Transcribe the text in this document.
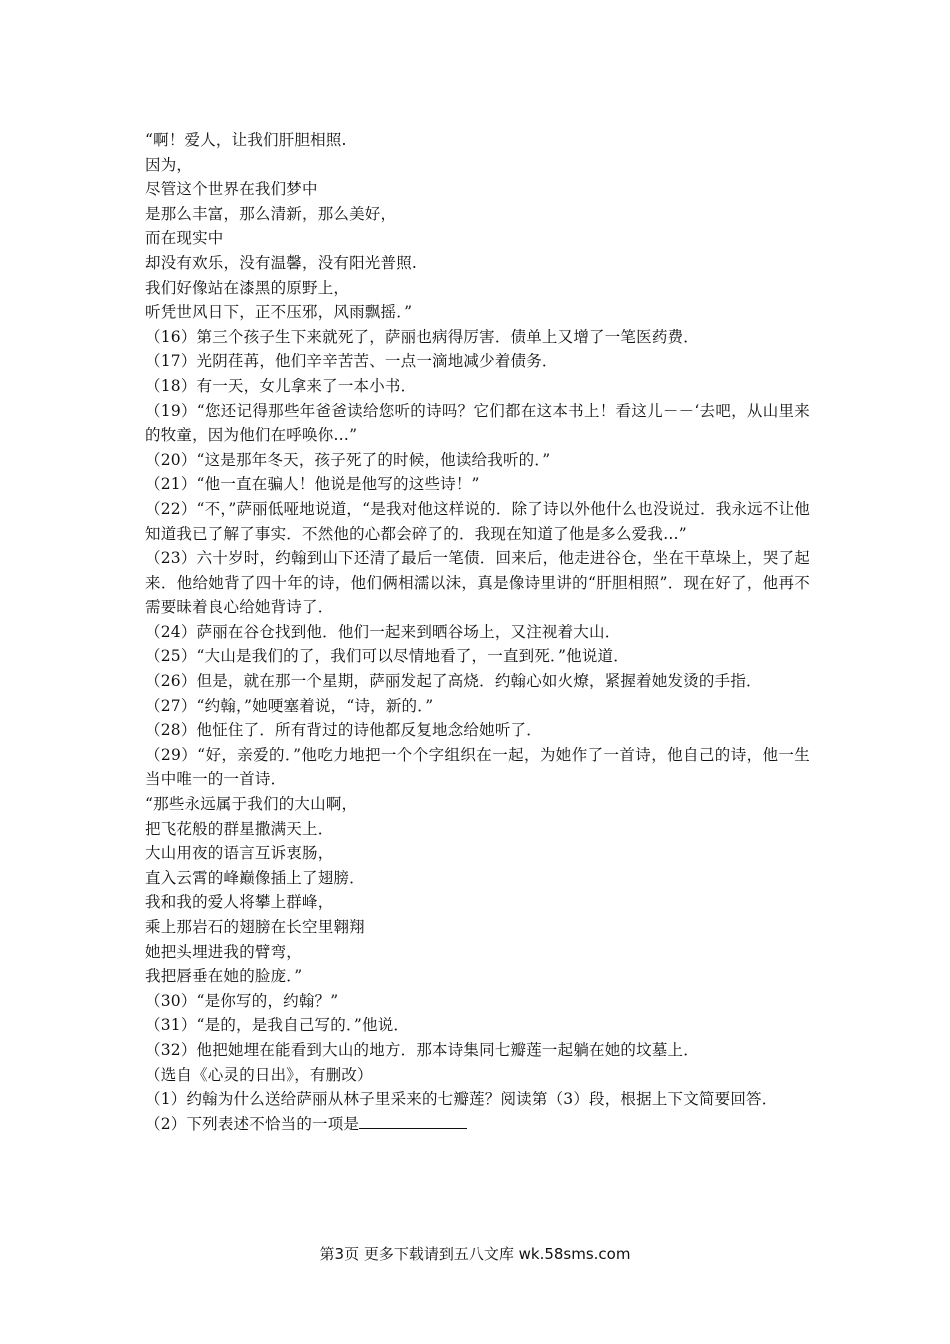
“啊！爱人，让我们肝胆相照.
因为，
尽管这个世界在我们梦中
是那么丰富，那么清新，那么美好，
而在现实中
却没有欢乐，没有温馨，没有阳光普照.
我们好像站在漆黑的原野上，
听凭世风日下，正不压邪，风雨飘摇．”
（16）第三个孩子生下来就死了，萨丽也病得厉害．债单上又增了一笔医药费．
（17）光阴荏苒，他们辛辛苦苦、一点一滴地减少着债务．
（18）有一天，女儿拿来了一本小书．
（19）“您还记得那些年爸爸读给您听的诗吗？它们都在这本书上！看这儿－－‘去吧，从山里来的牧童，因为他们在呼唤你…”
（20）“这是那年冬天，孩子死了的时候，他读给我听的．”
（21）“他一直在骗人！他说是他写的这些诗！”
（22）“不，”萨丽低哑地说道，“是我对他这样说的．除了诗以外他什么也没说过．我永远不让他知道我已了解了事实．不然他的心都会碎了的．我现在知道了他是多么爱我…”
（23）六十岁时，约翰到山下还清了最后一笔债．回来后，他走进谷仓，坐在干草垛上，哭了起来．他给她背了四十年的诗，他们俩相濡以沫，真是像诗里讲的“肝胆相照”．现在好了，他再不需要昧着良心给她背诗了．
（24）萨丽在谷仓找到他．他们一起来到晒谷场上，又注视着大山．
（25）“大山是我们的了，我们可以尽情地看了，一直到死．”他说道．
（26）但是，就在那一个星期，萨丽发起了高烧．约翰心如火燎，紧握着她发烫的手指．
（27）“约翰，”她哽塞着说，“诗，新的．”
（28）他怔住了．所有背过的诗他都反复地念给她听了．
（29）“好，亲爱的．”他吃力地把一个个字组织在一起，为她作了一首诗，他自己的诗，他一生当中唯一的一首诗．
“那些永远属于我们的大山啊，
把飞花般的群星撒满天上．
大山用夜的语言互诉衷肠，
直入云霄的峰巅像插上了翅膀．
我和我的爱人将攀上群峰，
乘上那岩石的翅膀在长空里翱翔
她把头埋进我的臂弯，
我把唇垂在她的脸庞．”
（30）“是你写的，约翰？”
（31）“是的，是我自己写的．”他说．
（32）他把她埋在能看到大山的地方．那本诗集同七瓣莲一起躺在她的坟墓上．
（选自《心灵的日出》，有删改）
（1）约翰为什么送给萨丽从林子里采来的七瓣莲？阅读第（3）段，根据上下文简要回答．
（2）下列表述不恰当的一项是
第3页 更多下载请到五八文库 wk.58sms.com
